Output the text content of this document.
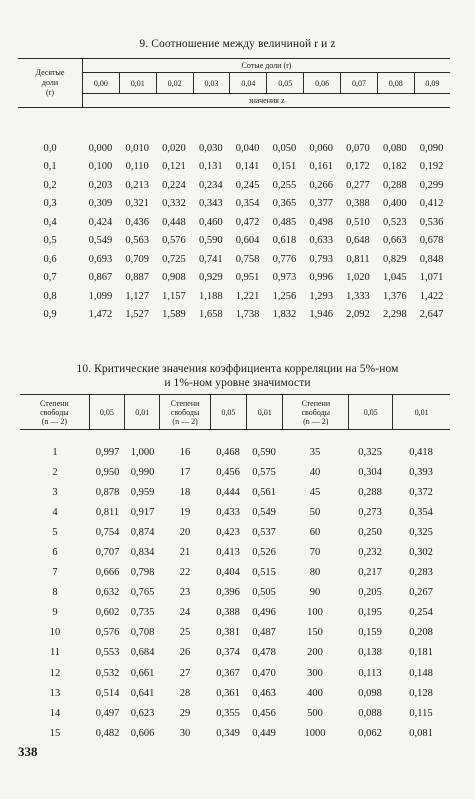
9. Соотношение между величиной r и z
Десятые
доли
(r)	Сотые доли (r)									
	0,00	0,01	0,02	0,03	0,04	0,05	0,06	0,07	0,08	0,09
	значения z									
0,0	0,000	0,010	0,020	0,030	0,040	0,050	0,060	0,070	0,080	0,090
0,1	0,100	0,110	0,121	0,131	0,141	0,151	0,161	0,172	0,182	0,192
0,2	0,203	0,213	0,224	0,234	0,245	0,255	0,266	0,277	0,288	0,299
0,3	0,309	0,321	0,332	0,343	0,354	0,365	0,377	0,388	0,400	0,412
0,4	0,424	0,436	0,448	0,460	0,472	0,485	0,498	0,510	0,523	0,536
0,5	0,549	0,563	0,576	0,590	0,604	0,618	0,633	0,648	0,663	0,678
0,6	0,693	0,709	0,725	0,741	0,758	0,776	0,793	0,811	0,829	0,848
0,7	0,867	0,887	0,908	0,929	0,951	0,973	0,996	1,020	1,045	1,071
0,8	1,099	1,127	1,157	1,188	1,221	1,256	1,293	1,333	1,376	1,422
0,9	1,472	1,527	1,589	1,658	1,738	1,832	1,946	2,092	2,298	2,647
10. Критические значения коэффициента корреляции на 5%-ном
и 1%-ном уровне значимости
Степени
свободы
(n — 2)	0,05	0,01	Степени
свободы
(n — 2)	0,05	0,01	Степени
свободы
(n — 2)	0,05	0,01
1	0,997	1,000	16	0,468	0,590	35	0,325	0,418
2	0,950	0,990	17	0,456	0,575	40	0,304	0,393
3	0,878	0,959	18	0,444	0,561	45	0,288	0,372
4	0,811	0,917	19	0,433	0,549	50	0,273	0,354
5	0,754	0,874	20	0,423	0,537	60	0,250	0,325
6	0,707	0,834	21	0,413	0,526	70	0,232	0,302
7	0,666	0,798	22	0,404	0,515	80	0,217	0,283
8	0,632	0,765	23	0,396	0,505	90	0,205	0,267
9	0,602	0,735	24	0,388	0,496	100	0,195	0,254
10	0,576	0,708	25	0,381	0,487	150	0,159	0,208
11	0,553	0,684	26	0,374	0,478	200	0,138	0,181
12	0,532	0,661	27	0,367	0,470	300	0,113	0,148
13	0,514	0,641	28	0,361	0,463	400	0,098	0,128
14	0,497	0,623	29	0,355	0,456	500	0,088	0,115
15	0,482	0,606	30	0,349	0,449	1000	0,062	0,081
338
